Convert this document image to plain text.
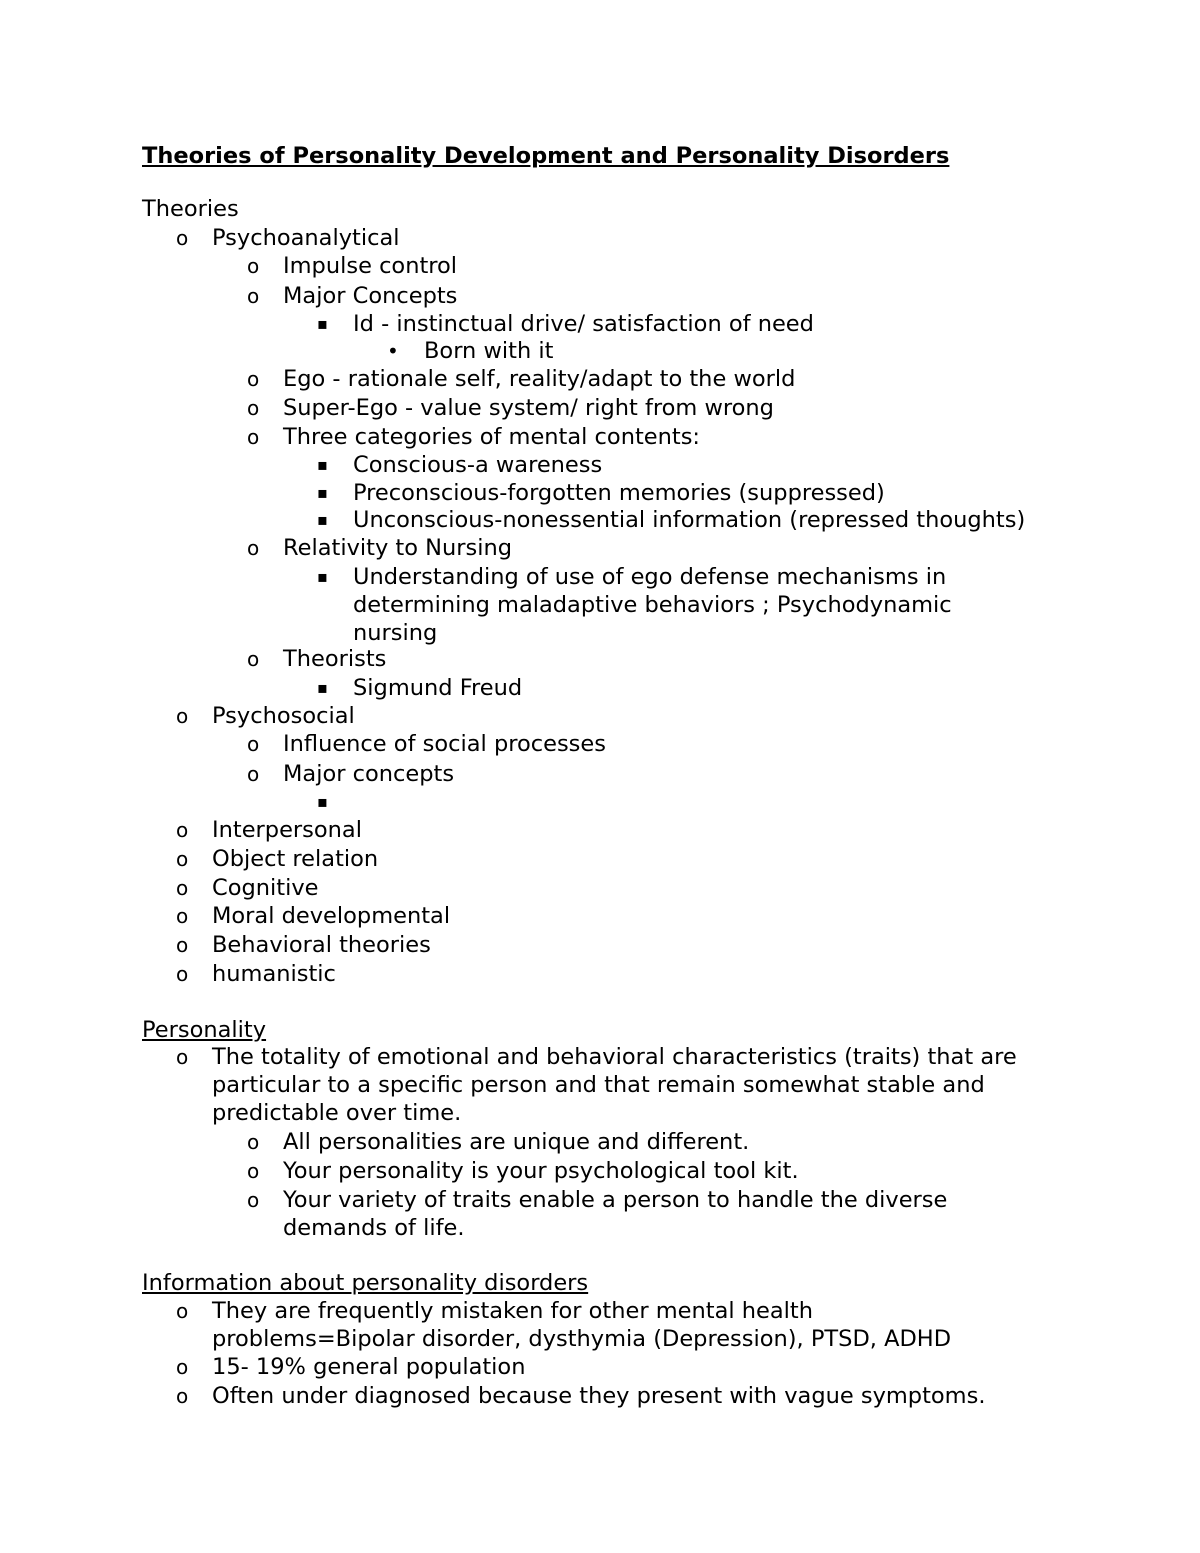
Theories of Personality Development and Personality Disorders
Theories
o Psychoanalytical
o Impulse control
o Major Concepts
▪ Id - instinctual drive/ satisfaction of need
• Born with it
o Ego - rationale self, reality/adapt to the world
o Super-Ego - value system/ right from wrong
o Three categories of mental contents:
▪ Conscious-a wareness
▪ Preconscious-forgotten memories (suppressed)
▪ Unconscious-nonessential information (repressed thoughts)
o Relativity to Nursing
▪ Understanding of use of ego defense mechanisms in
determining maladaptive behaviors ; Psychodynamic
nursing
o Theorists
▪ Sigmund Freud
o Psychosocial
o Influence of social processes
o Major concepts
▪
o Interpersonal
o Object relation
o Cognitive
o Moral developmental
o Behavioral theories
o humanistic
Personality
o The totality of emotional and behavioral characteristics (traits) that are
particular to a specific person and that remain somewhat stable and
predictable over time.
o All personalities are unique and different.
o Your personality is your psychological tool kit.
o Your variety of traits enable a person to handle the diverse
demands of life.
Information about personality disorders
o They are frequently mistaken for other mental health
problems=Bipolar disorder, dysthymia (Depression), PTSD, ADHD
o 15- 19% general population
o Often under diagnosed because they present with vague symptoms.
